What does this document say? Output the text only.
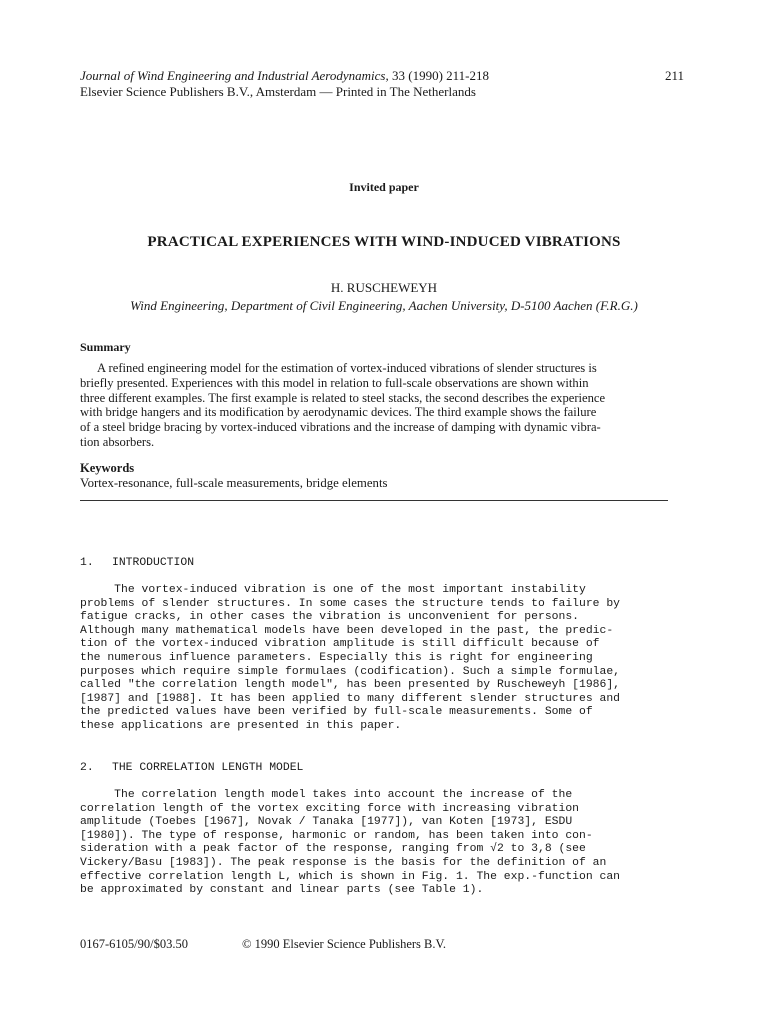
Journal of Wind Engineering and Industrial Aerodynamics, 33 (1990) 211-218
Elsevier Science Publishers B.V., Amsterdam — Printed in The Netherlands
211
Invited paper
PRACTICAL EXPERIENCES WITH WIND-INDUCED VIBRATIONS
H. RUSCHEWEYH
Wind Engineering, Department of Civil Engineering, Aachen University, D-5100 Aachen (F.R.G.)
Summary
A refined engineering model for the estimation of vortex-induced vibrations of slender structures is
briefly presented. Experiences with this model in relation to full-scale observations are shown within
three different examples. The first example is related to steel stacks, the second describes the experience
with bridge hangers and its modification by aerodynamic devices. The third example shows the failure
of a steel bridge bracing by vortex-induced vibrations and the increase of damping with dynamic vibra-
tion absorbers.
Keywords
Vortex-resonance, full-scale measurements, bridge elements
1. INTRODUCTION
The vortex-induced vibration is one of the most important instability
problems of slender structures. In some cases the structure tends to failure by
fatigue cracks, in other cases the vibration is unconvenient for persons.
Although many mathematical models have been developed in the past, the predic-
tion of the vortex-induced vibration amplitude is still difficult because of
the numerous influence parameters. Especially this is right for engineering
purposes which require simple formulaes (codification). Such a simple formulae,
called "the correlation length model", has been presented by Ruscheweyh [1986],
[1987] and [1988]. It has been applied to many different slender structures and
the predicted values have been verified by full-scale measurements. Some of
these applications are presented in this paper.
2. THE CORRELATION LENGTH MODEL
The correlation length model takes into account the increase of the
correlation length of the vortex exciting force with increasing vibration
amplitude (Toebes [1967], Novak / Tanaka [1977]), van Koten [1973], ESDU
[1980]). The type of response, harmonic or random, has been taken into con-
sideration with a peak factor of the response, ranging from √2 to 3,8 (see
Vickery/Basu [1983]). The peak response is the basis for the definition of an
effective correlation length L, which is shown in Fig. 1. The exp.-function can
be approximated by constant and linear parts (see Table 1).
0167-6105/90/$03.50	© 1990 Elsevier Science Publishers B.V.
